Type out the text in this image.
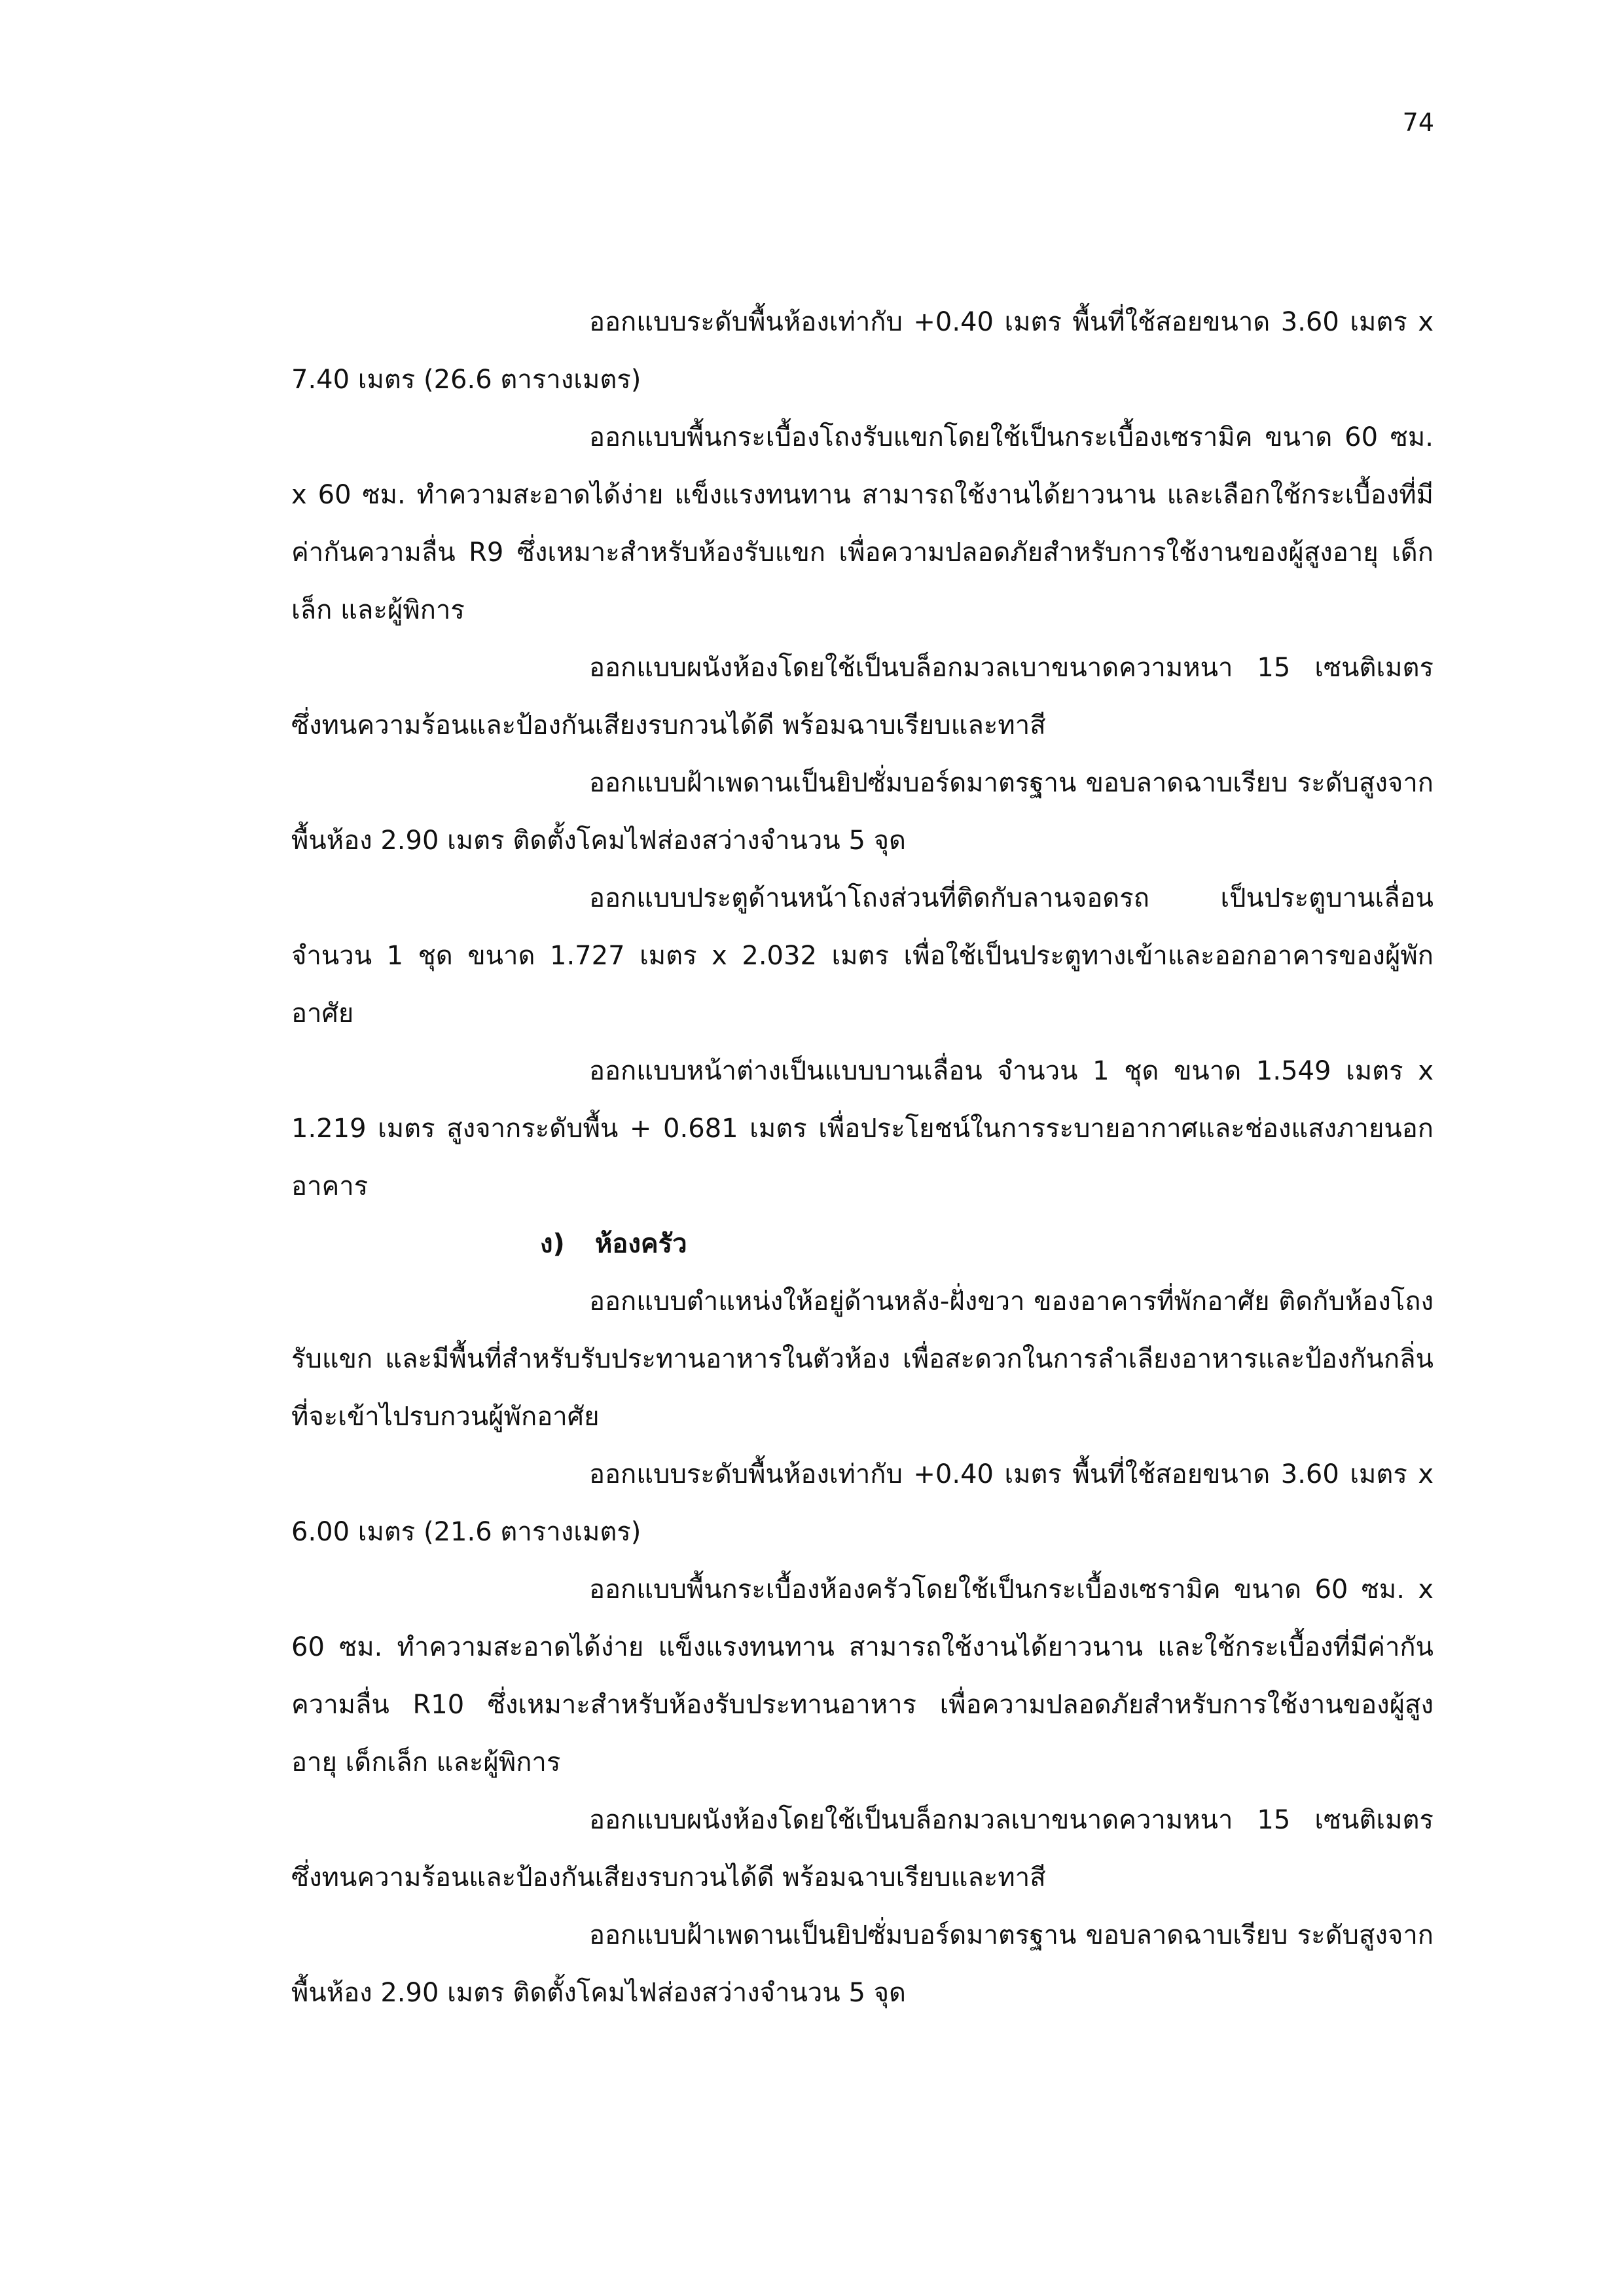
74

ออกแบบระดับพื้นห้องเท่ากับ +0.40 เมตร พื้นที่ใช้สอยขนาด 3.60 เมตร x 7.40 เมตร (26.6 ตารางเมตร)

ออกแบบพื้นกระเบื้องโถงรับแขกโดยใช้เป็นกระเบื้องเซรามิค ขนาด 60 ซม. x 60 ซม. ทำความสะอาดได้ง่าย แข็งแรงทนทาน สามารถใช้งานได้ยาวนาน และเลือกใช้กระเบื้องที่มีค่ากันความลื่น R9 ซึ่งเหมาะสำหรับห้องรับแขก เพื่อความปลอดภัยสำหรับการใช้งานของผู้สูงอายุ เด็กเล็ก และผู้พิการ

ออกแบบผนังห้องโดยใช้เป็นบล็อกมวลเบาขนาดความหนา 15 เซนติเมตร ซึ่งทนความร้อนและป้องกันเสียงรบกวนได้ดี พร้อมฉาบเรียบและทาสี

ออกแบบฝ้าเพดานเป็นยิปซั่มบอร์ดมาตรฐาน ขอบลาดฉาบเรียบ ระดับสูงจากพื้นห้อง 2.90 เมตร ติดตั้งโคมไฟส่องสว่างจำนวน 5 จุด

ออกแบบประตูด้านหน้าโถงส่วนที่ติดกับลานจอดรถ เป็นประตูบานเลื่อน จำนวน 1 ชุด ขนาด 1.727 เมตร x 2.032 เมตร เพื่อใช้เป็นประตูทางเข้าและออกอาคารของผู้พักอาศัย

ออกแบบหน้าต่างเป็นแบบบานเลื่อน จำนวน 1 ชุด ขนาด 1.549 เมตร x 1.219 เมตร สูงจากระดับพื้น + 0.681 เมตร เพื่อประโยชน์ในการระบายอากาศและช่องแสงภายนอกอาคาร

ง) ห้องครัว

ออกแบบตำแหน่งให้อยู่ด้านหลัง-ฝั่งขวา ของอาคารที่พักอาศัย ติดกับห้องโถงรับแขก และมีพื้นที่สำหรับรับประทานอาหารในตัวห้อง เพื่อสะดวกในการลำเลียงอาหารและป้องกันกลิ่นที่จะเข้าไปรบกวนผู้พักอาศัย

ออกแบบระดับพื้นห้องเท่ากับ +0.40 เมตร พื้นที่ใช้สอยขนาด 3.60 เมตร x 6.00 เมตร (21.6 ตารางเมตร)

ออกแบบพื้นกระเบื้องห้องครัวโดยใช้เป็นกระเบื้องเซรามิค ขนาด 60 ซม. x 60 ซม. ทำความสะอาดได้ง่าย แข็งแรงทนทาน สามารถใช้งานได้ยาวนาน และใช้กระเบื้องที่มีค่ากันความลื่น R10 ซึ่งเหมาะสำหรับห้องรับประทานอาหาร เพื่อความปลอดภัยสำหรับการใช้งานของผู้สูงอายุ เด็กเล็ก และผู้พิการ

ออกแบบผนังห้องโดยใช้เป็นบล็อกมวลเบาขนาดความหนา 15 เซนติเมตร ซึ่งทนความร้อนและป้องกันเสียงรบกวนได้ดี พร้อมฉาบเรียบและทาสี

ออกแบบฝ้าเพดานเป็นยิปซั่มบอร์ดมาตรฐาน ขอบลาดฉาบเรียบ ระดับสูงจากพื้นห้อง 2.90 เมตร ติดตั้งโคมไฟส่องสว่างจำนวน 5 จุด
